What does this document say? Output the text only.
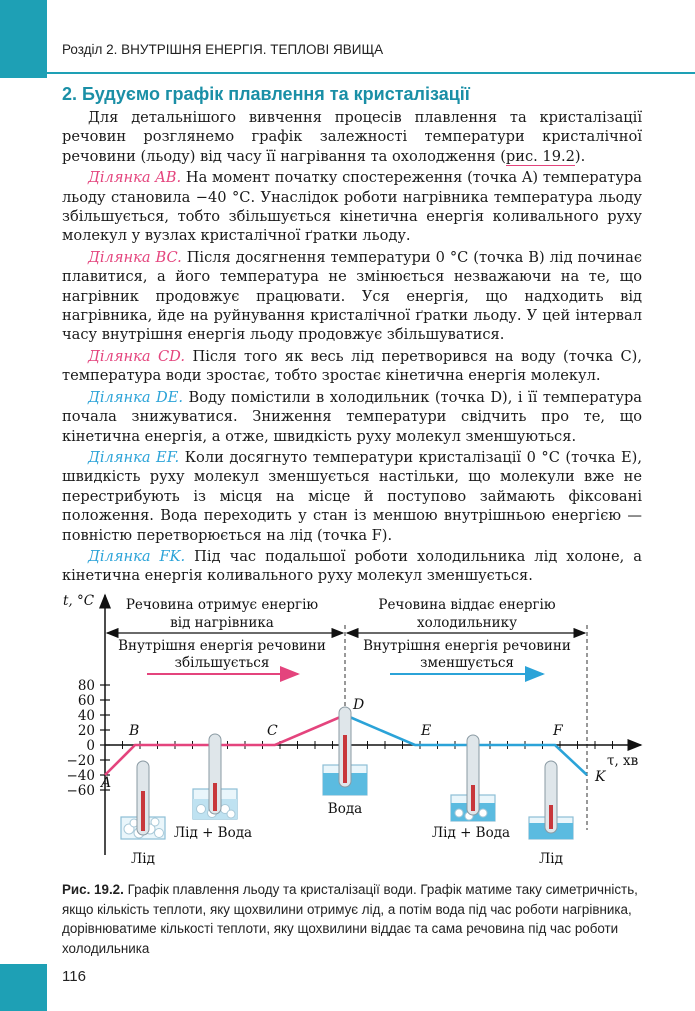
Розділ 2. ВНУТРІШНЯ ЕНЕРГІЯ. ТЕПЛОВІ ЯВИЩА
2. Будуємо графік плавлення та кристалізації

Для детальнішого вивчення процесів плавлення та кристалізації речовин розглянемо графік залежності температури кристалічної речовини (льоду) від часу її нагрівання та охолодження (рис. 19.2).

Ділянка AB. На момент початку спостереження (точка A) температура льоду становила −40 °С. Унаслідок роботи нагрівника температура льоду збільшується, тобто збільшується кінетична енергія коливального руху молекул у вузлах кристалічної ґратки льоду.

Ділянка BC. Після досягнення температури 0 °С (точка B) лід починає плавитися, а його температура не змінюється незважаючи на те, що нагрівник продовжує працювати. Уся енергія, що надходить від нагрівника, йде на руйнування кристалічної ґратки льоду. У цей інтервал часу внутрішня енергія льоду продовжує збільшуватися.

Ділянка CD. Після того як весь лід перетворився на воду (точка C), температура води зростає, тобто зростає кінетична енергія молекул.

Ділянка DE. Воду помістили в холодильник (точка D), і її температура почала знижуватися. Зниження температури свідчить про те, що кінетична енергія, а отже, швидкість руху молекул зменшуються.

Ділянка EF. Коли досягнуто температури кристалізації 0 °С (точка E), швидкість руху молекул зменшується настільки, що молекули вже не перестрибують із місця на місце й поступово займають фіксовані положення. Вода переходить у стан із меншою внутрішньою енергією — повністю перетворюється на лід (точка F).

Ділянка FK. Під час подальшої роботи холодильника лід холоне, а кінетична енергія коливального руху молекул зменшується.

Речовина отримує енергію
від нагрівника
Речовина віддає енергію
холодильнику
Внутрішня енергія речовини
збільшується
Внутрішня енергія речовини
зменшується
t, °C
τ, хв
80
60
40
20
0
−20
−40
−60 A
B	C
D
E	F
K
Лід
Лід + Вода
Вода
Лід + Вода
Лід
Рис. 19.2. Графік плавлення льоду та кристалізації води. Графік матиме таку симетричність, якщо кількість теплоти, яку щохвилини отримує лід, а потім вода під час роботи нагрівника, дорівнюватиме кількості теплоти, яку щохвилини віддає та сама речовина під час роботи холодильника
116
